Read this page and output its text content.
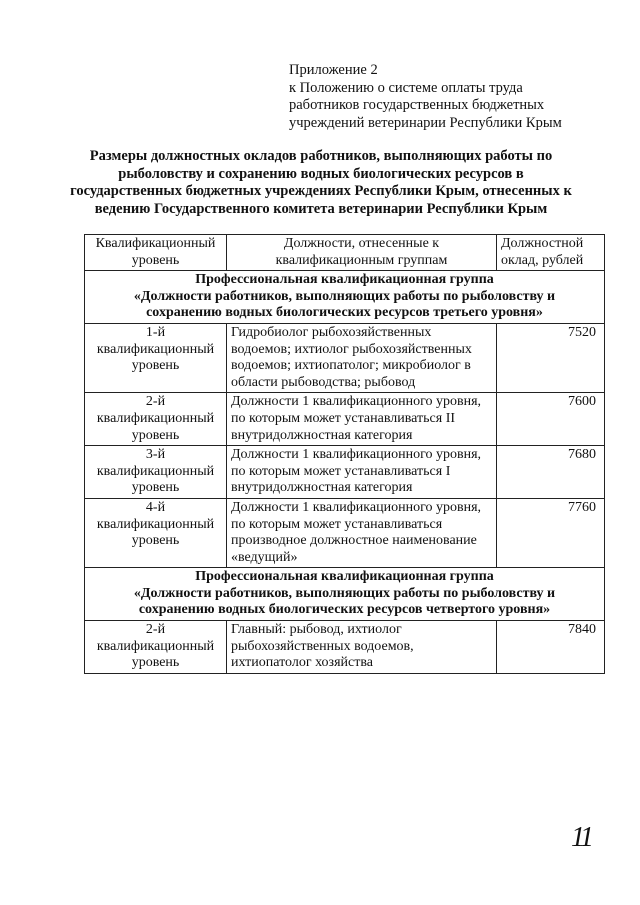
Приложение 2
к Положению о системе оплаты труда
работников государственных бюджетных
учреждений ветеринарии Республики Крым
Размеры должностных окладов работников, выполняющих работы по
рыболовству и сохранению водных биологических ресурсов в
государственных бюджетных учреждениях Республики Крым, отнесенных к
ведению Государственного комитета ветеринарии Республики Крым
Квалификационный уровень	Должности, отнесенные к квалификационным группам	Должностной оклад, рублей

Профессиональная квалификационная группа
«Должности работников, выполняющих работы по рыболовству и
сохранению водных биологических ресурсов третьего уровня»		

1-й
квалификационный
уровень	Гидробиолог рыбохозяйственных водоемов; ихтиолог рыбохозяйственных водоемов; ихтиопатолог; микробиолог в области рыбоводства; рыбовод	7520

2-й
квалификационный
уровень	Должности 1 квалификационного уровня, по которым может устанавливаться II внутридолжностная категория	7600

3-й
квалификационный
уровень	Должности 1 квалификационного уровня, по которым может устанавливаться I внутридолжностная категория	7680

4-й
квалификационный
уровень	Должности 1 квалификационного уровня, по которым может устанавливаться производное должностное наименование «ведущий»	7760

Профессиональная квалификационная группа
«Должности работников, выполняющих работы по рыболовству и
сохранению водных биологических ресурсов четвертого уровня»		

2-й
квалификационный
уровень	Главный: рыбовод, ихтиолог рыбохозяйственных водоемов, ихтиопатолог хозяйства	7840
11
